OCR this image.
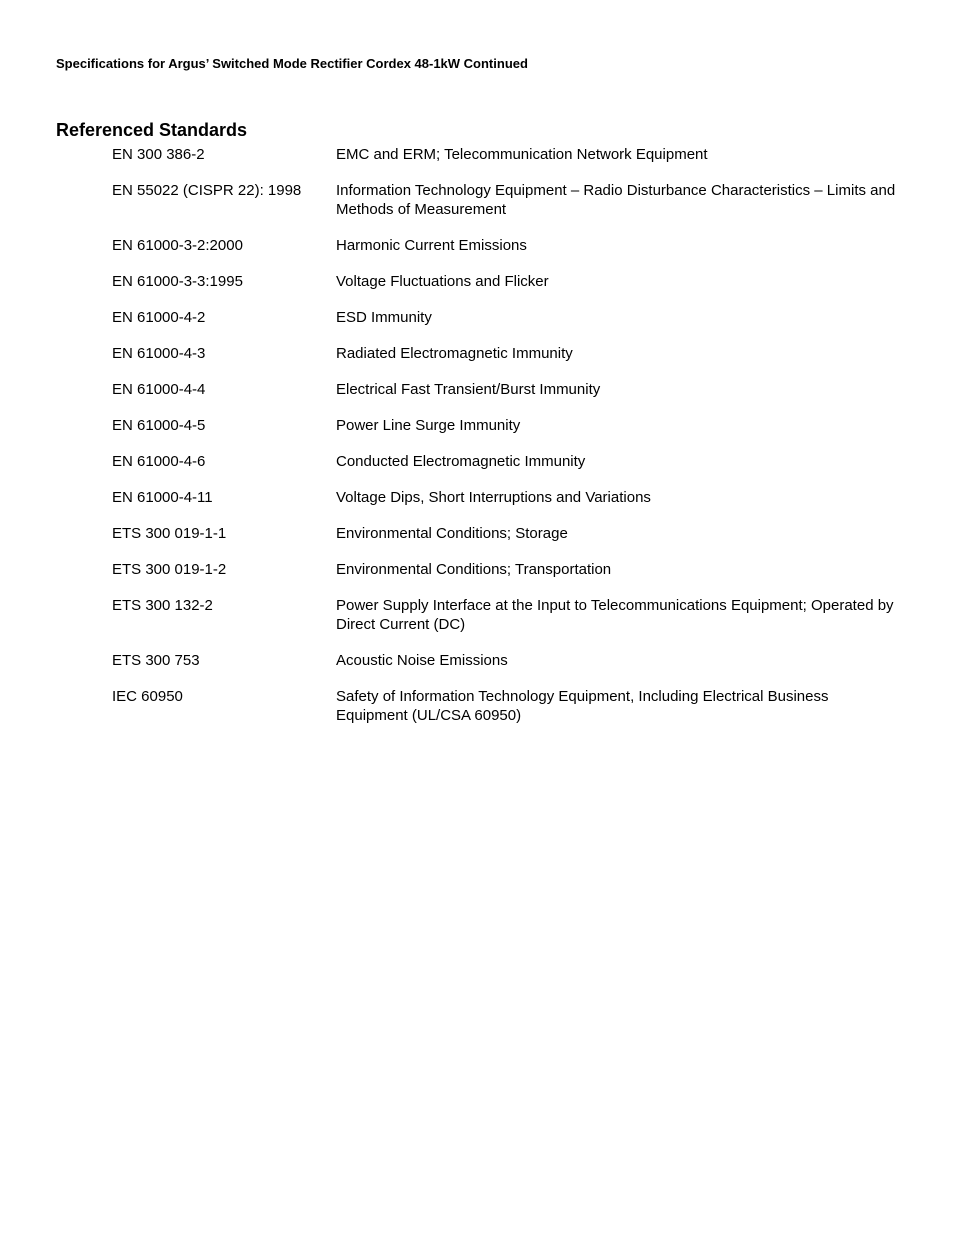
Specifications for Argus’ Switched Mode Rectifier Cordex 48-1kW Continued
Referenced Standards
EN 300 386-2	EMC and ERM; Telecommunication Network Equipment
EN 55022 (CISPR 22): 1998	Information Technology Equipment – Radio Disturbance Characteristics – Limits and Methods of Measurement
EN 61000-3-2:2000	Harmonic Current Emissions
EN 61000-3-3:1995	Voltage Fluctuations and Flicker
EN 61000-4-2	ESD Immunity
EN 61000-4-3	Radiated Electromagnetic Immunity
EN 61000-4-4	Electrical Fast Transient/Burst Immunity
EN 61000-4-5	Power Line Surge Immunity
EN 61000-4-6	Conducted Electromagnetic Immunity
EN 61000-4-11	Voltage Dips, Short Interruptions and Variations
ETS 300 019-1-1	Environmental Conditions; Storage
ETS 300 019-1-2	Environmental Conditions; Transportation
ETS 300 132-2	Power Supply Interface at the Input to Telecommunications Equipment; Operated by Direct Current (DC)
ETS 300 753	Acoustic Noise Emissions
IEC 60950	Safety of Information Technology Equipment, Including Electrical Business Equipment (UL/CSA 60950)
